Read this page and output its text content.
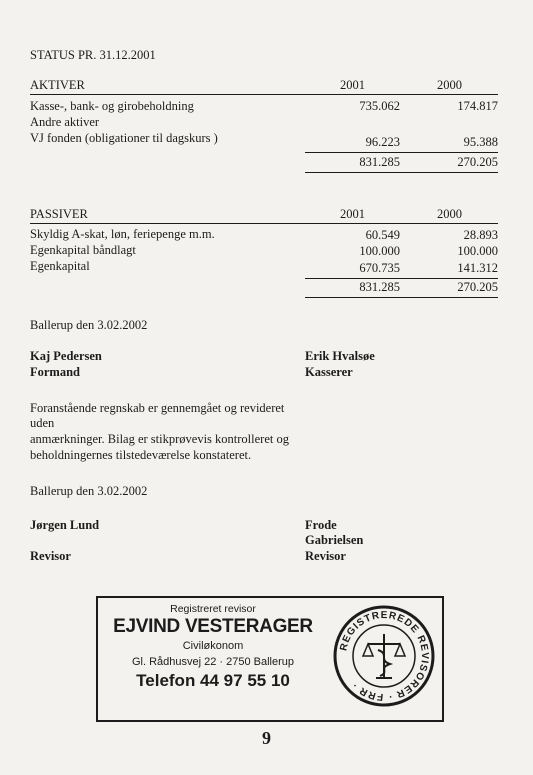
STATUS PR. 31.12.2001
AKTIVER	2001	2000
Kasse-, bank- og girobeholdning	735.062	174.817
Andre aktiver
VJ fonden (obligationer til dagskurs )	96.223	95.388
831.285	270.205
PASSIVER	2001	2000
Skyldig A-skat, løn, feriepenge m.m.	60.549	28.893
Egenkapital båndlagt	100.000	100.000
Egenkapital	670.735	141.312
831.285	270.205
Ballerup den 3.02.2002
Kaj Pedersen
Formand
Erik Hvalsøe
Kasserer
Foranstående regnskab er gennemgået og revideret
uden
anmærkninger. Bilag er stikprøvevis kontrolleret og
beholdningernes tilstedeværelse konstateret.
Ballerup den 3.02.2002
Jørgen Lund
Revisor
Frode
Gabrielsen
Revisor
Registreret revisor
EJVIND VESTERAGER
Civiløkonom
Gl. Rådhusvej 22 · 2750 Ballerup
Telefon 44 97 55 10
REGISTREREDE REVISORER · FRR ·
9
